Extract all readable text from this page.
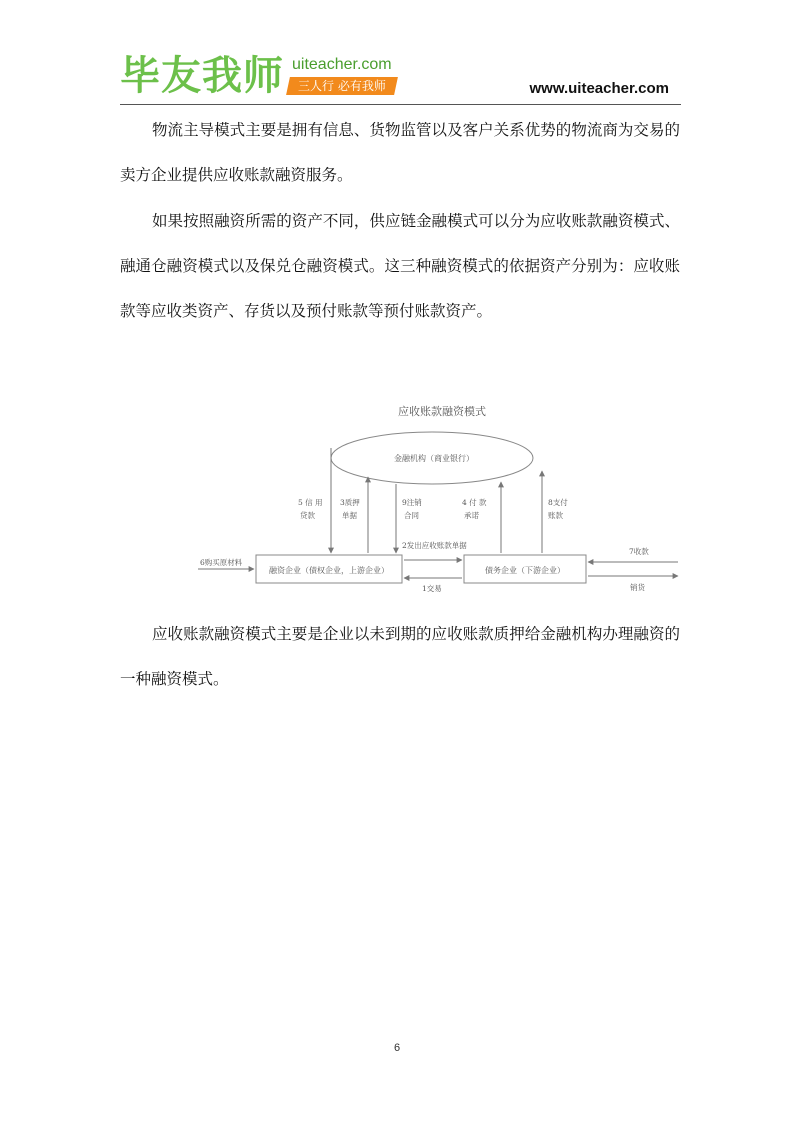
毕友我师 uiteacher.com
三人行 必有我师	www.uiteacher.com

物流主导模式主要是拥有信息、货物监管以及客户关系优势的物流商为交易的卖方企业提供应收账款融资服务。

如果按照融资所需的资产不同，供应链金融模式可以分为应收账款融资模式、融通仓融资模式以及保兑仓融资模式。这三种融资模式的依据资产分别为：应收账款等应收类资产、存货以及预付账款等预付账款资产。

应收账款融资模式
金融机构（商业银行）
融资企业（债权企业，上游企业）	债务企业（下游企业）
5 信 用
贷款
3质押
单据
9注销
合同
4 付 款
承诺
8支付
账款
2发出应收账款单据
1交易
6购买原材料
7收款
销货

应收账款融资模式主要是企业以未到期的应收账款质押给金融机构办理融资的一种融资模式。

6
